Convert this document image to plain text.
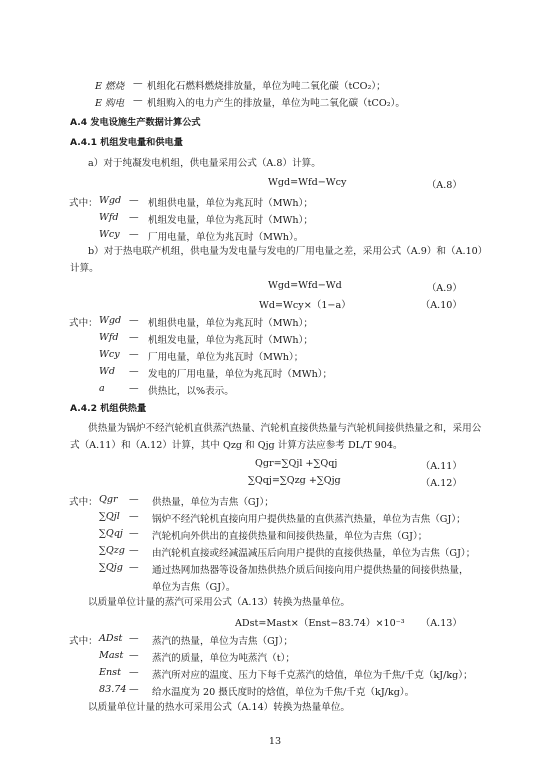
E 燃烧 — 机组化石燃料燃烧排放量，单位为吨二氧化碳（tCO₂）；
E 购电 — 机组购入的电力产生的排放量，单位为吨二氧化碳（tCO₂）。
A.4 发电设施生产数据计算公式
A.4.1 机组发电量和供电量
a）对于纯凝发电机组，供电量采用公式（A.8）计算。
Wgd=Wfd−Wcy	（A.8）
式中： Wgd — 机组供电量，单位为兆瓦时（MWh）；
Wfd — 机组发电量，单位为兆瓦时（MWh）；
Wcy — 厂用电量，单位为兆瓦时（MWh）。
b）对于热电联产机组，供电量为发电量与发电的厂用电量之差，采用公式（A.9）和（A.10）
计算。
Wgd=Wfd−Wd	（A.9）
Wd=Wcy×（1−a）	（A.10）
式中： Wgd — 机组供电量，单位为兆瓦时（MWh）；
Wfd — 机组发电量，单位为兆瓦时（MWh）；
Wcy — 厂用电量，单位为兆瓦时（MWh）；
Wd — 发电的厂用电量，单位为兆瓦时（MWh）；
a	— 供热比，以%表示。
A.4.2 机组供热量
供热量为锅炉不经汽轮机直供蒸汽热量、汽轮机直接供热量与汽轮机间接供热量之和，采用公
式（A.11）和（A.12）计算，其中 Qzg 和 Qjg 计算方法应参考 DL/T 904。
Qgr=∑Qjl +∑Qqj	（A.11）
∑Qqj=∑Qzg +∑Qjg	（A.12）
式中： Qgr — 供热量，单位为吉焦（GJ）；
∑Qjl — 锅炉不经汽轮机直接向用户提供热量的直供蒸汽热量，单位为吉焦（GJ）；
∑Qqj — 汽轮机向外供出的直接供热量和间接供热量，单位为吉焦（GJ）；
∑Qzg — 由汽轮机直接或经减温减压后向用户提供的直接供热量，单位为吉焦（GJ）；
∑Qjg — 通过热网加热器等设备加热供热介质后间接向用户提供热量的间接供热量，
单位为吉焦（GJ）。
以质量单位计量的蒸汽可采用公式（A.13）转换为热量单位。
ADst=Mast×（Enst−83.74）×10⁻³ （A.13）
式中： ADst — 蒸汽的热量，单位为吉焦（GJ）；
Mast — 蒸汽的质量，单位为吨蒸汽（t）；
Enst — 蒸汽所对应的温度、压力下每千克蒸汽的焓值，单位为千焦/千克（kJ/kg）；
83.74 — 给水温度为 20 摄氏度时的焓值，单位为千焦/千克（kJ/kg）。
以质量单位计量的热水可采用公式（A.14）转换为热量单位。
13
